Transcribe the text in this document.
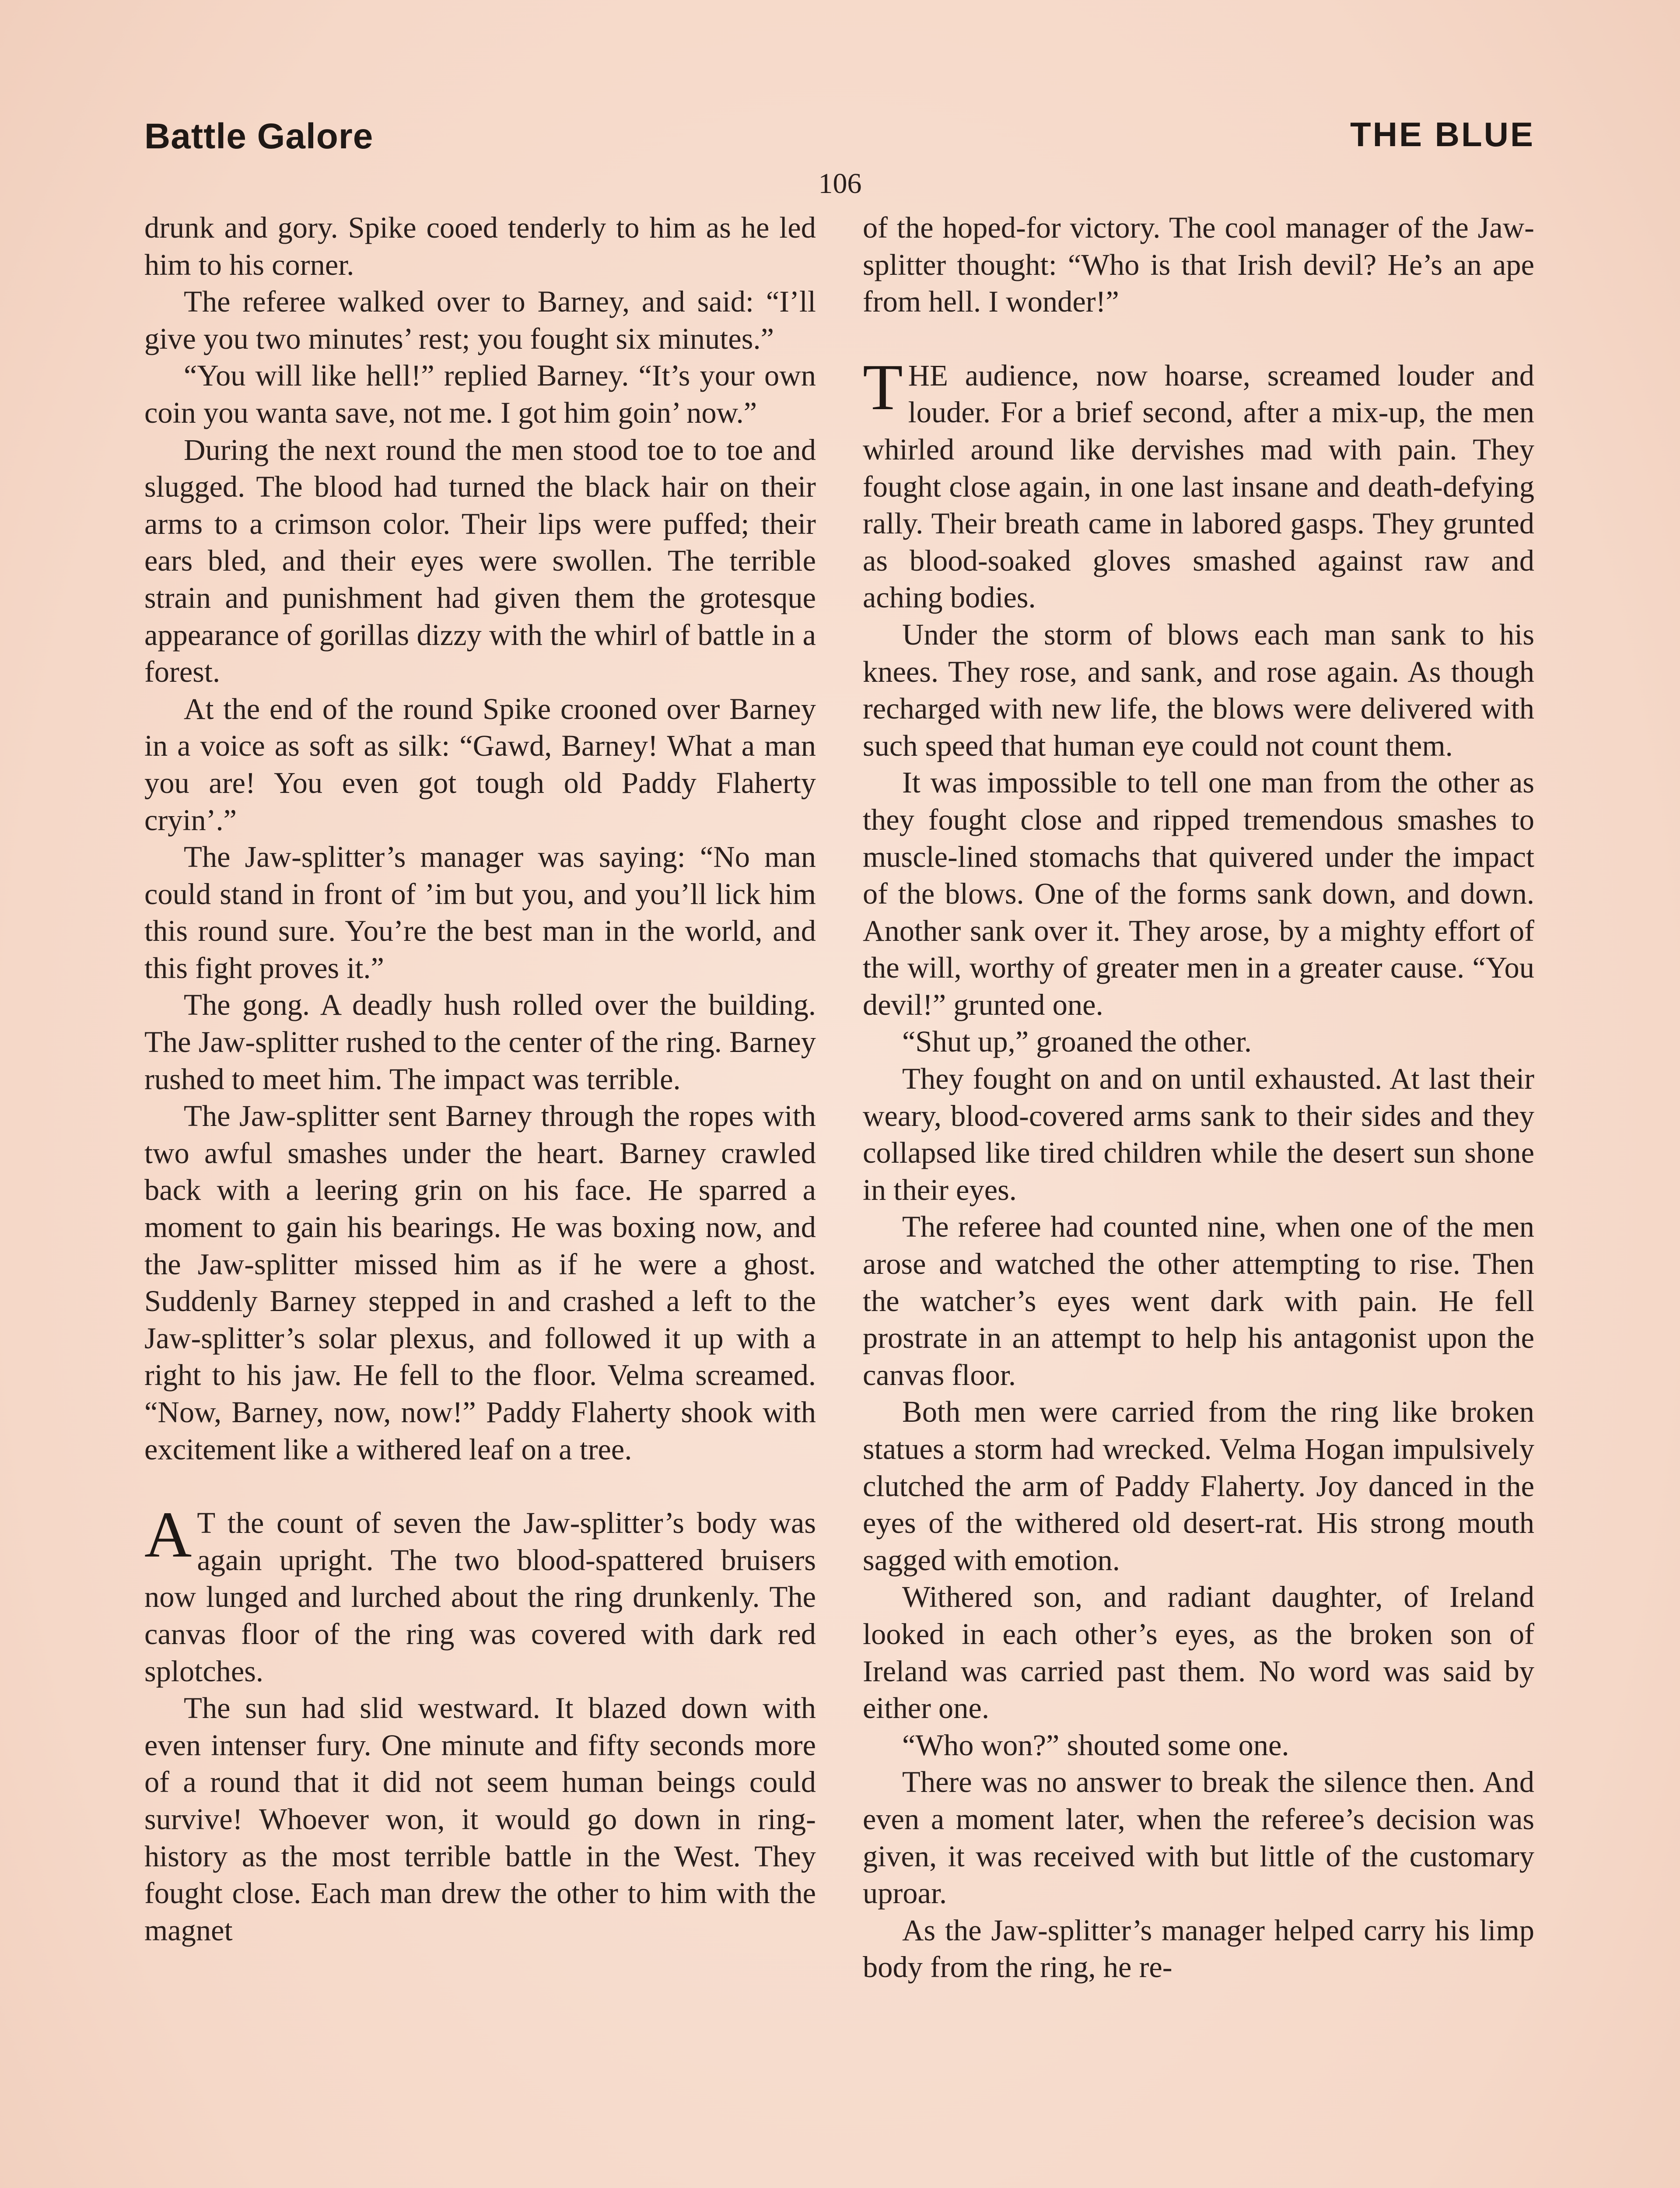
Battle Galore	THE BLUE
106

drunk and gory. Spike cooed tenderly to him as he led him to his corner.

The referee walked over to Barney, and said: “I’ll give you two minutes’ rest; you fought six minutes.”

“You will like hell!” replied Barney. “It’s your own coin you wanta save, not me. I got him goin’ now.”

During the next round the men stood toe to toe and slugged. The blood had turned the black hair on their arms to a crimson color. Their lips were puffed; their ears bled, and their eyes were swollen. The terrible strain and punishment had given them the grotesque appearance of gorillas dizzy with the whirl of battle in a forest.

At the end of the round Spike crooned over Barney in a voice as soft as silk: “Gawd, Barney! What a man you are! You even got tough old Paddy Flaherty cryin’.”

The Jaw-splitter’s manager was saying: “No man could stand in front of ’im but you, and you’ll lick him this round sure. You’re the best man in the world, and this fight proves it.”

The gong. A deadly hush rolled over the building. The Jaw-splitter rushed to the center of the ring. Barney rushed to meet him. The impact was terrible.

The Jaw-splitter sent Barney through the ropes with two awful smashes under the heart. Barney crawled back with a leering grin on his face. He sparred a moment to gain his bearings. He was boxing now, and the Jaw-splitter missed him as if he were a ghost. Suddenly Barney stepped in and crashed a left to the Jaw-splitter’s solar plexus, and followed it up with a right to his jaw. He fell to the floor. Velma screamed. “Now, Barney, now, now!” Paddy Flaherty shook with excitement like a withered leaf on a tree.

A T the count of seven the Jaw-splitter’s body was again upright. The two blood-spattered bruisers now lunged and lurched about the ring drunkenly. The canvas floor of the ring was covered with dark red splotches.

The sun had slid westward. It blazed down with even intenser fury. One minute and fifty seconds more of a round that it did not seem human beings could survive! Whoever won, it would go down in ring-history as the most terrible battle in the West. They fought close. Each man drew the other to him with the magnet

of the hoped-for victory. The cool manager of the Jaw-splitter thought: “Who is that Irish devil? He’s an ape from hell. I wonder!”

THE audience, now hoarse, screamed louder and louder. For a brief second, after a mix-up, the men whirled around like dervishes mad with pain. They fought close again, in one last insane and death-defying rally. Their breath came in labored gasps. They grunted as blood-soaked gloves smashed against raw and aching bodies.

Under the storm of blows each man sank to his knees. They rose, and sank, and rose again. As though recharged with new life, the blows were delivered with such speed that human eye could not count them.

It was impossible to tell one man from the other as they fought close and ripped tremendous smashes to muscle-lined stomachs that quivered under the impact of the blows. One of the forms sank down, and down. Another sank over it. They arose, by a mighty effort of the will, worthy of greater men in a greater cause. “You devil!” grunted one.

“Shut up,” groaned the other.

They fought on and on until exhausted. At last their weary, blood-covered arms sank to their sides and they collapsed like tired children while the desert sun shone in their eyes.

The referee had counted nine, when one of the men arose and watched the other attempting to rise. Then the watcher’s eyes went dark with pain. He fell prostrate in an attempt to help his antagonist upon the canvas floor.

Both men were carried from the ring like broken statues a storm had wrecked. Velma Hogan impulsively clutched the arm of Paddy Flaherty. Joy danced in the eyes of the withered old desert-rat. His strong mouth sagged with emotion.

Withered son, and radiant daughter, of Ireland looked in each other’s eyes, as the broken son of Ireland was carried past them. No word was said by either one.

“Who won?” shouted some one.

There was no answer to break the silence then. And even a moment later, when the referee’s decision was given, it was received with but little of the customary uproar.

As the Jaw-splitter’s manager helped carry his limp body from the ring, he re-
